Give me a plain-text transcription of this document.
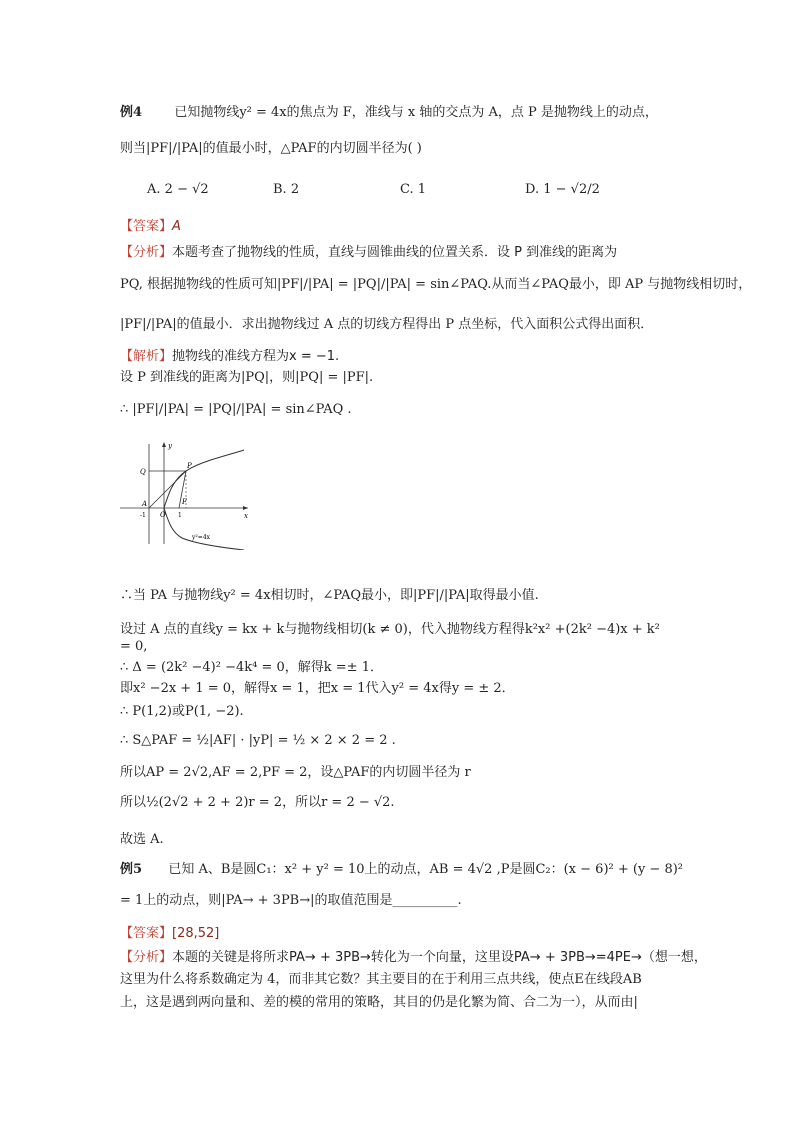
例4 已知抛物线y² = 4x的焦点为 F，准线与 x 轴的交点为 A，点 P 是抛物线上的动点，
则当|PF|/|PA|的值最小时，△PAF的内切圆半径为( )
A. 2 − √2	B. 2	C. 1	D. 1 − √2/2
【答案】A
【分析】本题考查了抛物线的性质，直线与圆锥曲线的位置关系．设 P 到准线的距离为
PQ, 根据抛物线的性质可知|PF|/|PA| = |PQ|/|PA| = sin∠PAQ.从而当∠PAQ最小，即 AP 与抛物线相切时，
|PF|/|PA|的值最小．求出抛物线过 A 点的切线方程得出 P 点坐标，代入面积公式得出面积．
【解析】抛物线的准线方程为x = −1.
设 P 到准线的距离为|PQ|，则|PQ| = |PF|.
∴ |PF|/|PA| = |PQ|/|PA| = sin∠PAQ .
y
x
Q
P
A	F
O
-1	1
y²=4x
∴当 PA 与抛物线y² = 4x相切时，∠PAQ最小，即|PF|/|PA|取得最小值.
设过 A 点的直线y = kx + k与抛物线相切(k ≠ 0)，代入抛物线方程得k²x² +(2k² −4)x + k²
= 0,
∴ Δ = (2k² −4)² −4k⁴ = 0，解得k =± 1．
即x² −2x + 1 = 0，解得x = 1，把x = 1代入y² = 4x得y = ± 2．
∴ P(1,2)或P(1, −2).
∴ S△PAF = ½|AF| · |yP| = ½ × 2 × 2 = 2 .
所以AP = 2√2,AF = 2,PF = 2，设△PAF的内切圆半径为 r
所以½(2√2 + 2 + 2)r = 2，所以r = 2 − √2.
故选 A.
例5 已知 A、B是圆C₁：x² + y² = 10上的动点，AB = 4√2 ,P是圆C₂：(x − 6)² + (y − 8)²
= 1上的动点，则|PA→ + 3PB→|的取值范围是__________.
【答案】[28,52]
【分析】本题的关键是将所求PA→ + 3PB→转化为一个向量，这里设PA→ + 3PB→=4PE→（想一想，
这里为什么将系数确定为 4，而非其它数？其主要目的在于利用三点共线，使点E在线段AB
上，这是遇到两向量和、差的模的常用的策略，其目的仍是化繁为简、合二为一），从而由|
